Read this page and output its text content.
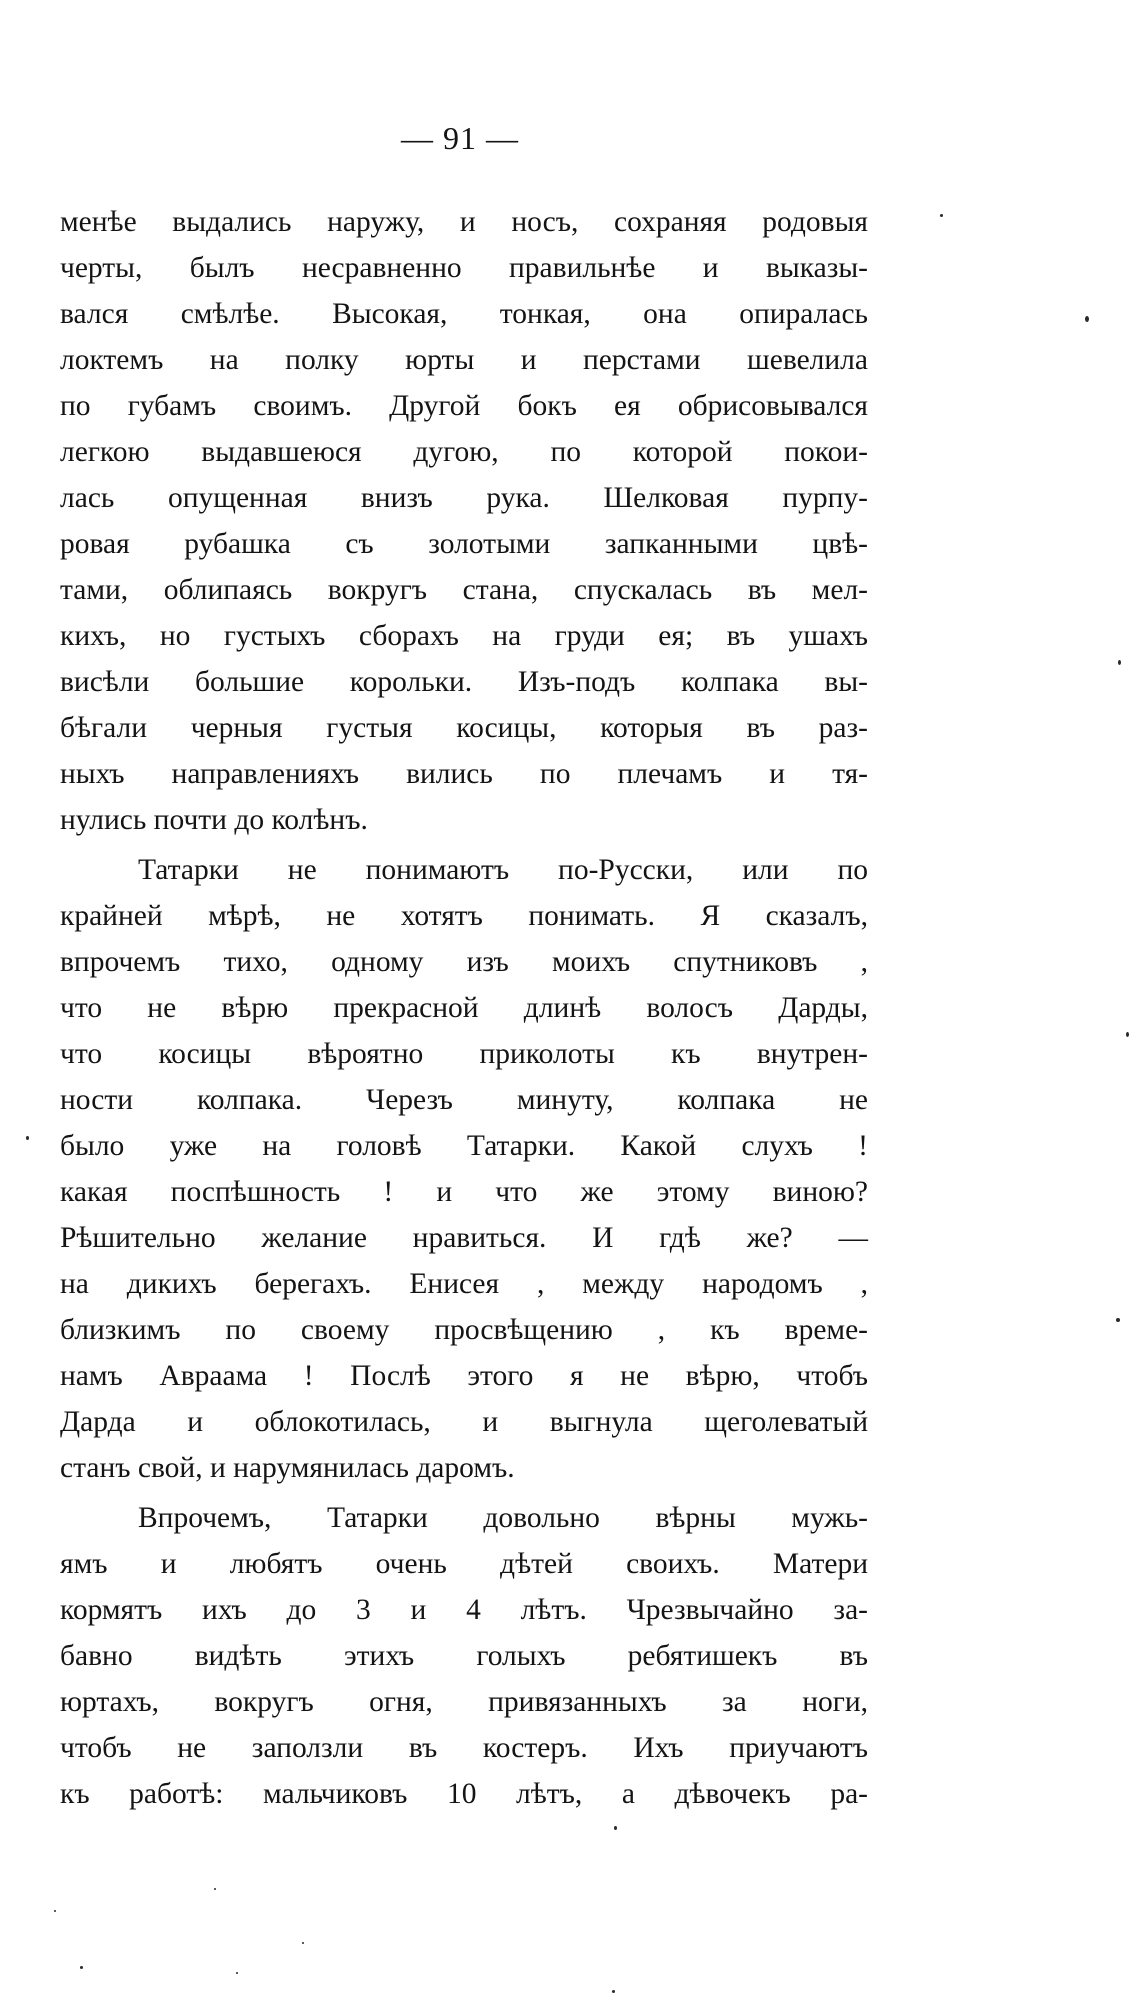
— 91 —
менѣе выдались наружу, и носъ, сохраняя родовыя
черты, былъ несравненно правильнѣе и выказы-
вался смѣлѣе. Высокая, тонкая, она опиралась
локтемъ на полку юрты и перстами шевелила
по губамъ своимъ. Другой бокъ ея обрисовывался
легкою выдавшеюся дугою, по которой покои-
лась опущенная внизъ рука. Шелковая пурпу-
ровая рубашка съ золотыми запканными цвѣ-
тами, облипаясь вокругъ стана, спускалась въ мел-
кихъ, но густыхъ сборахъ на груди ея; въ ушахъ
висѣли большие корольки. Изъ-подъ колпака вы-
бѣгали черныя густыя косицы, которыя въ раз-
ныхъ направленияхъ вились по плечамъ и тя-
нулись почти до колѣнъ.
Татарки не понимаютъ по-Русски, или по
крайней мѣрѣ, не хотятъ понимать. Я сказалъ,
впрочемъ тихо, одному изъ моихъ спутниковъ ,
что не вѣрю прекрасной длинѣ волосъ Дарды,
что косицы вѣроятно приколоты къ внутрен-
ности колпака. Черезъ минуту, колпака не
было уже на головѣ Татарки. Какой слухъ !
какая поспѣшность ! и что же этому виною?
Рѣшительно желание нравиться. И гдѣ же? —
на дикихъ берегахъ. Енисея , между народомъ ,
близкимъ по своему просвѣщению , къ време-
намъ Авраама ! Послѣ этого я не вѣрю, чтобъ
Дарда и облокотилась, и выгнула щеголеватый
станъ свой, и нарумянилась даромъ.
Впрочемъ, Татарки довольно вѣрны мужь-
ямъ и любятъ очень дѣтей своихъ. Матери
кормятъ ихъ до 3 и 4 лѣтъ. Чрезвычайно за-
бавно видѣть этихъ голыхъ ребятишекъ въ
юртахъ, вокругъ огня, привязанныхъ за ноги,
чтобъ не заползли въ костеръ. Ихъ приучаютъ
къ работѣ: мальчиковъ 10 лѣтъ, а дѣвочекъ ра-
